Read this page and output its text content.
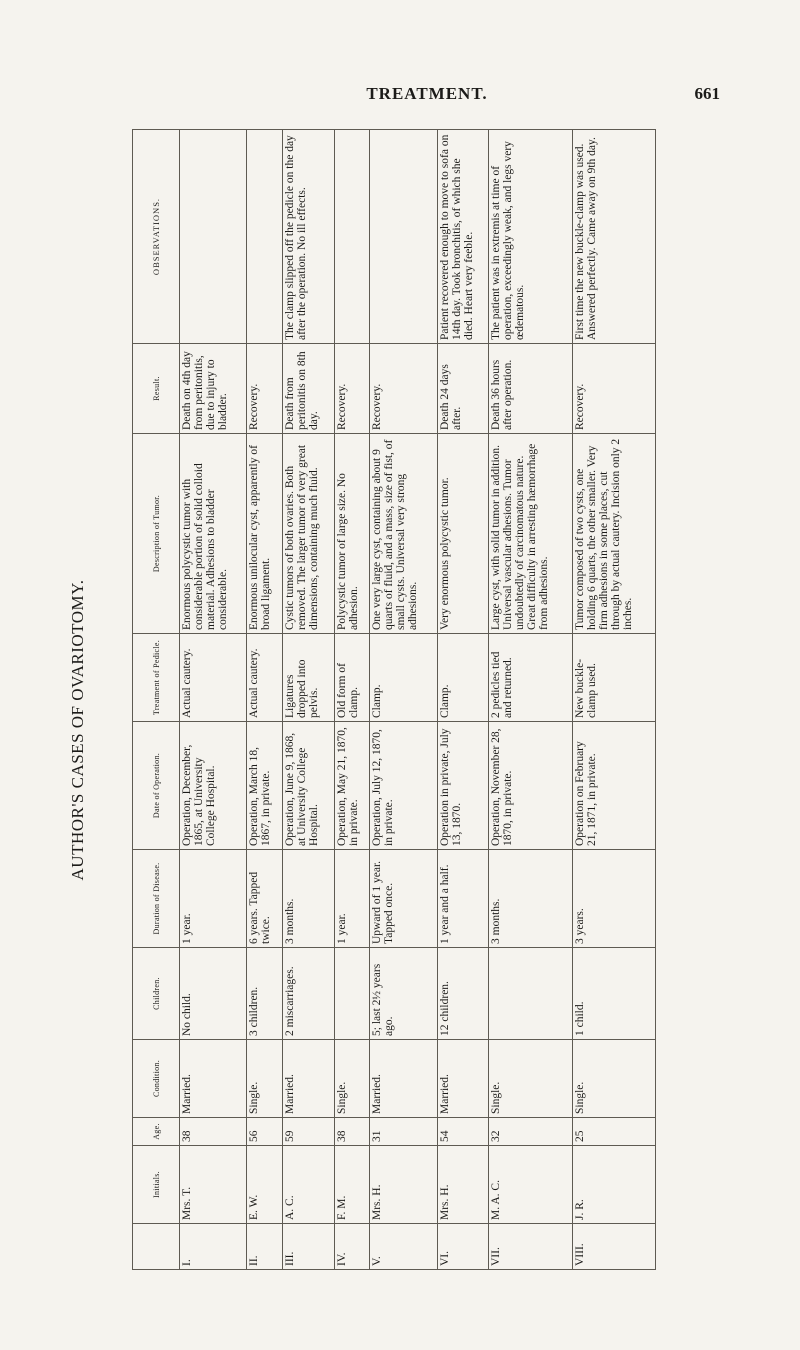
TREATMENT.	661
AUTHOR'S CASES OF OVARIOTOMY.
	Initials.	Age.	Condition.	Children.	Duration of Disease.	Date of Operation.	Treatment of Pedicle.	Description of Tumor.	Result.	OBSERVATIONS.
I.	Mrs. T.	38	Married.	No child.	1 year.	Operation, December, 1865, at University College Hospital.	Actual cautery.	Enormous polycystic tumor with considerable portion of solid colloid material. Adhesions to bladder considerable.	Death on 4th day from peritonitis, due to injury to bladder.	
II.	E. W.	56	Single.	3 children.	6 years. Tapped twice.	Operation, March 18, 1867, in private.	Actual cautery.	Enormous unilocular cyst, apparently of broad ligament.	Recovery.	
III.	A. C.	59	Married.	2 miscarriages.	3 months.	Operation, June 9, 1868, at University College Hospital.	Ligatures dropped into pelvis.	Cystic tumors of both ovaries. Both removed. The larger tumor of very great dimensions, containing much fluid.	Death from peritonitis on 8th day.	The clamp slipped off the pedicle on the day after the operation. No ill effects.
IV.	F. M.	38	Single.		1 year.	Operation, May 21, 1870, in private.	Old form of clamp.	Polycystic tumor of large size. No adhesion.	Recovery.	
V.	Mrs. H.	31	Married.	5; last 2½ years ago.	Upward of 1 year. Tapped once.	Operation, July 12, 1870, in private.	Clamp.	One very large cyst, containing about 9 quarts of fluid, and a mass, size of fist, of small cysts. Universal very strong adhesions.	Recovery.	
VI.	Mrs. H.	54	Married.	12 children.	1 year and a half.	Operation in private, July 13, 1870.	Clamp.	Very enormous polycystic tumor.	Death 24 days after.	Patient recovered enough to move to sofa on 14th day. Took bronchitis, of which she died. Heart very feeble.
VII.	M. A. C.	32	Single.		3 months.	Operation, November 28, 1870, in private.	2 pedicles tied and returned.	Large cyst, with solid tumor in addition. Universal vascular adhesions. Tumor undoubtedly of carcinomatous nature. Great difficulty in arresting hæmorrhage from adhesions.	Death 36 hours after operation.	The patient was in extremis at time of operation, exceedingly weak, and legs very œdematous.
VIII.	J. R.	25	Single.	1 child.	3 years.	Operation on February 21, 1871, in private.	New buckle-clamp used.	Tumor composed of two cysts, one holding 6 quarts, the other smaller. Very firm adhesions in some places, cut through by actual cautery. Incision only 2 inches.	Recovery.	First time the new buckle-clamp was used. Answered perfectly. Came away on 9th day.
